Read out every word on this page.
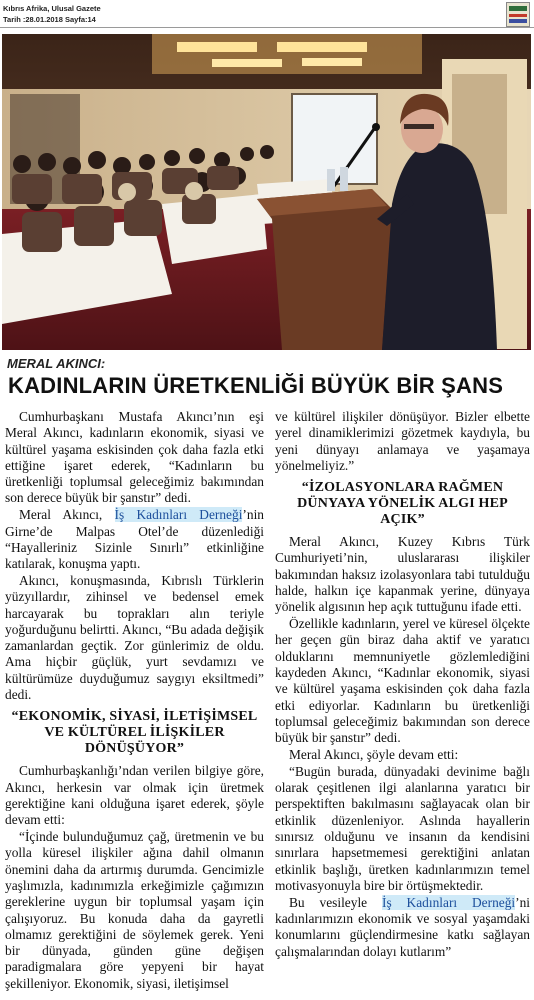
Kıbrıs Afrika, Ulusal Gazete
Tarih :28.01.2018 Sayfa:14
MERAL AKINCI:
KADINLARIN ÜRETKENLİĞİ BÜYÜK BİR ŞANS

Cumhurbaşkanı Mustafa Akıncı’nın eşi Meral Akıncı, kadınların ekonomik, siyasi ve kültürel yaşama eskisinden çok daha fazla etki ettiğine işaret ederek, “Kadınların bu üretkenliği toplumsal geleceğimiz bakımından son derece büyük bir şanstır” dedi.

Meral Akıncı, İş Kadınları Derneği’nin Girne’de Malpas Otel’de düzenlediği “Hayalleriniz Sizinle Sınırlı” etkinliğine katılarak, konuşma yaptı.

Akıncı, konuşmasında, Kıbrıslı Türklerin yüzyıllardır, zihinsel ve bedensel emek harcayarak bu toprakları alın teriyle yoğurduğunu belirtti. Akıncı, “Bu adada değişik zamanlardan geçtik. Zor günlerimiz de oldu. Ama hiçbir güçlük, yurt sevdamızı ve kültürümüze duyduğumuz saygıyı eksiltmedi” dedi.

“EKONOMİK, SİYASİ, İLETİŞİMSEL VE KÜLTÜREL İLİŞKİLER DÖNÜŞÜYOR”

Cumhurbaşkanlığı’ndan verilen bilgiye göre, Akıncı, herkesin var olmak için üretmek gerektiğine kani olduğuna işaret ederek, şöyle devam etti:

“İçinde bulunduğumuz çağ, üretmenin ve bu yolla küresel ilişkiler ağına dahil olmanın önemini daha da artırmış durumda. Gencimizle yaşlımızla, kadınımızla erkeğimizle çağımızın gereklerine uygun bir toplumsal yaşam için çalışıyoruz. Bu konuda daha da gayretli olmamız gerektiğini de söylemek gerek. Yeni bir dünyada, günden güne değişen paradigmalara göre yepyeni bir hayat şekilleniyor. Ekonomik, siyasi, iletişimsel

ve kültürel ilişkiler dönüşüyor. Bizler elbette yerel dinamiklerimizi gözetmek kaydıyla, bu yeni dünyayı anlamaya ve yaşamaya yönelmeliyiz.”

“İZOLASYONLARA RAĞMEN DÜNYAYA YÖNELİK ALGI HEP AÇIK”

Meral Akıncı, Kuzey Kıbrıs Türk Cumhuriyeti’nin, uluslararası ilişkiler bakımından haksız izolasyonlara tabi tutulduğu halde, halkın içe kapanmak yerine, dünyaya yönelik algısının hep açık tuttuğunu ifade etti.

Özellikle kadınların, yerel ve küresel ölçekte her geçen gün biraz daha aktif ve yaratıcı olduklarını memnuniyetle gözlemlediğini kaydeden Akıncı, “Kadınlar ekonomik, siyasi ve kültürel yaşama eskisinden çok daha fazla etki ediyorlar. Kadınların bu üretkenliği toplumsal geleceğimiz bakımından son derece büyük bir şanstır” dedi.

Meral Akıncı, şöyle devam etti:

“Bugün burada, dünyadaki devinime bağlı olarak çeşitlenen ilgi alanlarına yaratıcı bir perspektiften bakılmasını sağlayacak olan bir etkinlik düzenleniyor. Aslında hayallerin sınırsız olduğunu ve insanın da kendisini sınırlara hapsetmemesi gerektiğini anlatan etkinlik başlığı, üretken kadınlarımızın temel motivasyonuyla bire bir örtüşmektedir.

Bu vesileyle İş Kadınları Derneği’ni kadınlarımızın ekonomik ve sosyal yaşamdaki konumlarını güçlendirmesine katkı sağlayan çalışmalarından dolayı kutlarım”
